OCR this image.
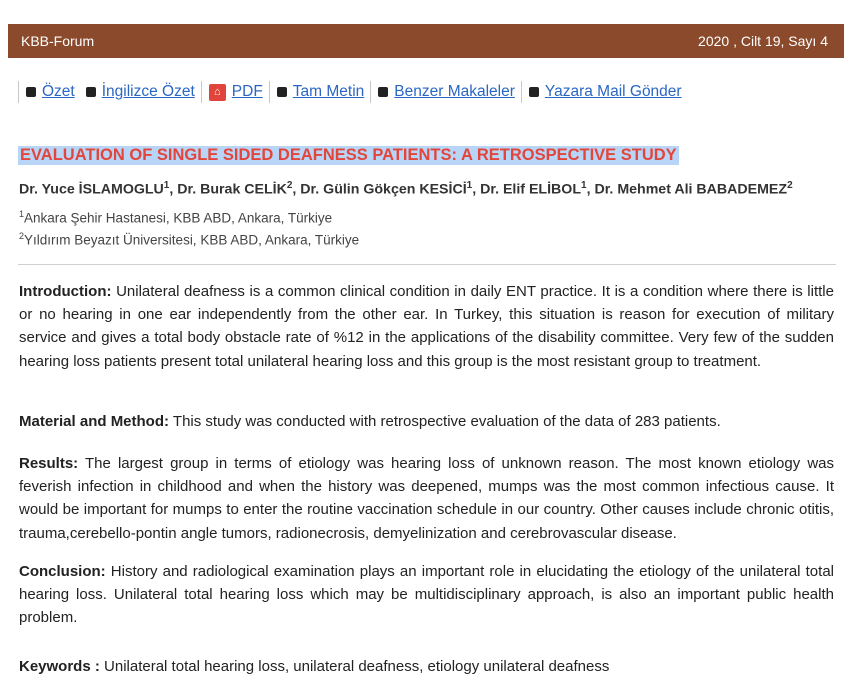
KBB-Forum	2020 , Cilt 19, Sayı 4
Özet İngilizce Özet	⌂ PDF Tam Metin Benzer Makaleler Yazara Mail Gönder
EVALUATION OF SINGLE SIDED DEAFNESS PATIENTS: A RETROSPECTIVE STUDY
Dr. Yuce İSLAMOGLU$^1$, Dr. Burak CELİK$^2$, Dr. Gülin Gökçen KESİCİ$^1$, Dr. Elif ELİBOL$^1$, Dr. Mehmet Ali BABADEMEZ$^2$
$^1$Ankara Şehir Hastanesi, KBB ABD, Ankara, Türkiye
$^2$Yıldırım Beyazıt Üniversitesi, KBB ABD, Ankara, Türkiye

Introduction: Unilateral deafness is a common clinical condition in daily ENT practice. It is a condition where there is little or no hearing in one ear independently from the other ear. In Turkey, this situation is reason for execution of military service and gives a total body obstacle rate of %12 in the applications of the disability committee. Very few of the sudden hearing loss patients present total unilateral hearing loss and this group is the most resistant group to treatment.

Material and Method: This study was conducted with retrospective evaluation of the data of 283 patients.

Results: The largest group in terms of etiology was hearing loss of unknown reason. The most known etiology was feverish infection in childhood and when the history was deepened, mumps was the most common infectious cause. It would be important for mumps to enter the routine vaccination schedule in our country. Other causes include chronic otitis, trauma,cerebello-pontin angle tumors, radionecrosis, demyelinization and cerebrovascular disease.

Conclusion: History and radiological examination plays an important role in elucidating the etiology of the unilateral total hearing loss. Unilateral total hearing loss which may be multidisciplinary approach, is also an important public health problem.

Keywords : Unilateral total hearing loss, unilateral deafness, etiology unilateral deafness
